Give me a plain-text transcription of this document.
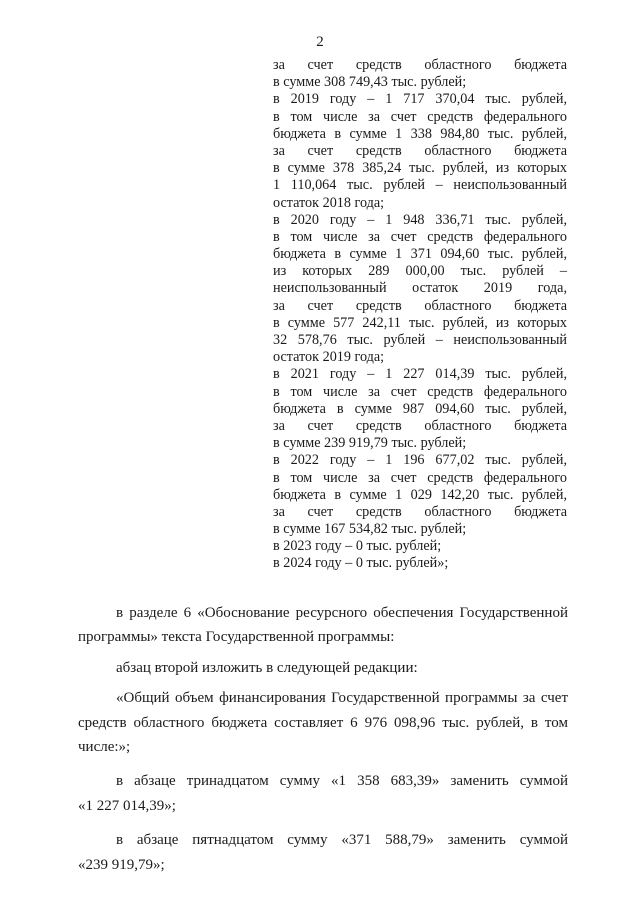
2
за счет средств областного бюджета
в сумме 308 749,43 тыс. рублей;
в 2019 году – 1 717 370,04 тыс. рублей,
в том числе за счет средств федерального
бюджета в сумме 1 338 984,80 тыс. рублей,
за счет средств областного бюджета
в сумме 378 385,24 тыс. рублей, из которых
1 110,064 тыс. рублей – неиспользованный
остаток 2018 года;
в 2020 году – 1 948 336,71 тыс. рублей,
в том числе за счет средств федерального
бюджета в сумме 1 371 094,60 тыс. рублей,
из которых 289 000,00 тыс. рублей –
неиспользованный остаток 2019 года,
за счет средств областного бюджета
в сумме 577 242,11 тыс. рублей, из которых
32 578,76 тыс. рублей – неиспользованный
остаток 2019 года;
в 2021 году – 1 227 014,39 тыс. рублей,
в том числе за счет средств федерального
бюджета в сумме 987 094,60 тыс. рублей,
за счет средств областного бюджета
в сумме 239 919,79 тыс. рублей;
в 2022 году – 1 196 677,02 тыс. рублей,
в том числе за счет средств федерального
бюджета в сумме 1 029 142,20 тыс. рублей,
за счет средств областного бюджета
в сумме 167 534,82 тыс. рублей;
в 2023 году – 0 тыс. рублей;
в 2024 году – 0 тыс. рублей»;
в разделе 6 «Обоснование ресурсного обеспечения Государственной
программы» текста Государственной программы:
абзац второй изложить в следующей редакции:
«Общий объем финансирования Государственной программы за счет
средств областного бюджета составляет 6 976 098,96 тыс. рублей, в том
числе:»;
в абзаце тринадцатом сумму «1 358 683,39» заменить суммой
«1 227 014,39»;
в абзаце пятнадцатом сумму «371 588,79» заменить суммой
«239 919,79»;
